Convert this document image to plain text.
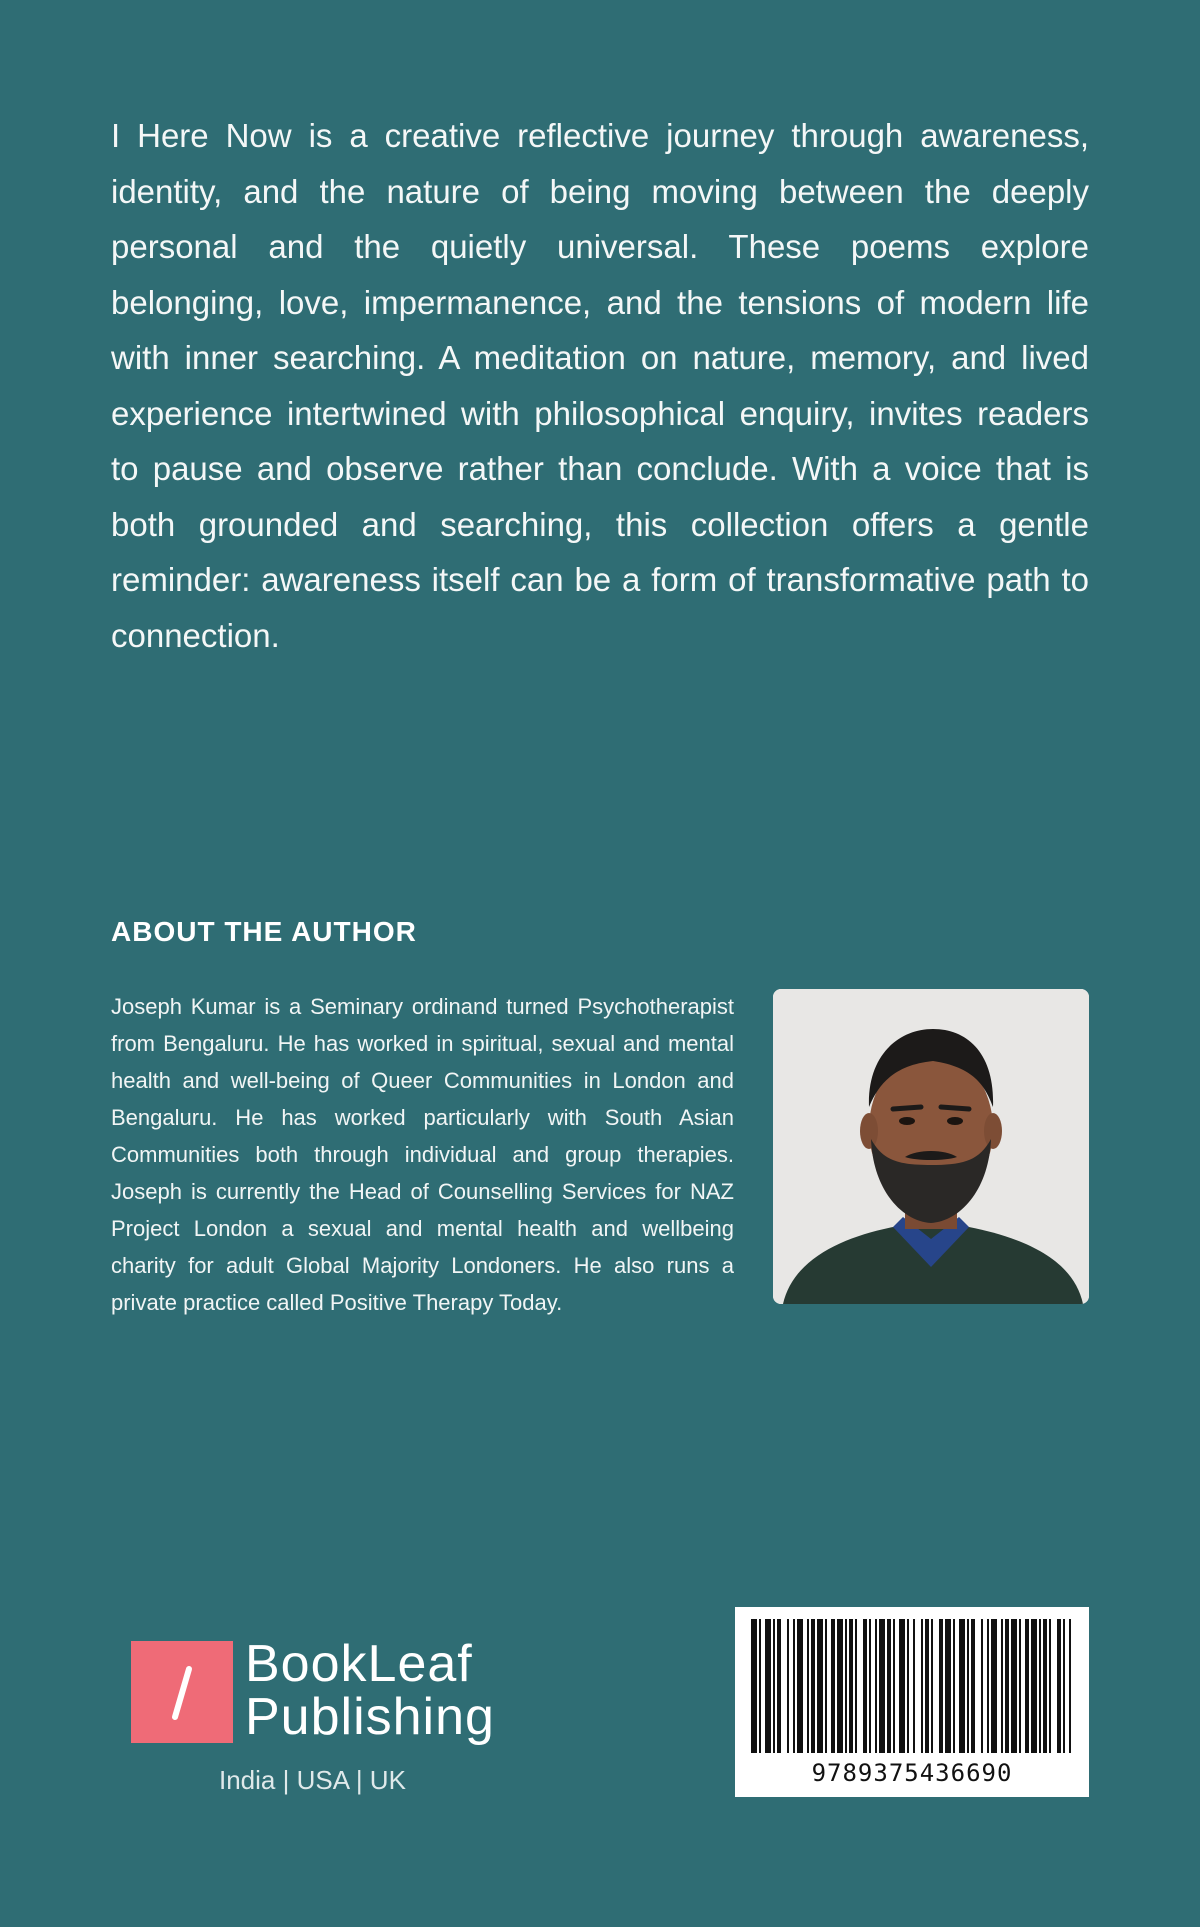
I Here Now is a creative reflective journey through awareness, identity, and the nature of being moving between the deeply personal and the quietly universal. These poems explore belonging, love, impermanence, and the tensions of modern life with inner searching. A meditation on nature, memory, and lived experience intertwined with philosophical enquiry, invites readers to pause and observe rather than conclude. With a voice that is both grounded and searching, this collection offers a gentle reminder: awareness itself can be a form of transformative path to connection.

ABOUT THE AUTHOR

Joseph Kumar is a Seminary ordinand turned Psychotherapist from Bengaluru. He has worked in spiritual, sexual and mental health and well-being of Queer Communities in London and Bengaluru. He has worked particularly with South Asian Communities both through individual and group therapies. Joseph is currently the Head of Counselling Services for NAZ Project London a sexual and mental health and wellbeing charity for adult Global Majority Londoners. He also runs a private practice called Positive Therapy Today.

BookLeaf
Publishing
India | USA | UK	9789375436690
